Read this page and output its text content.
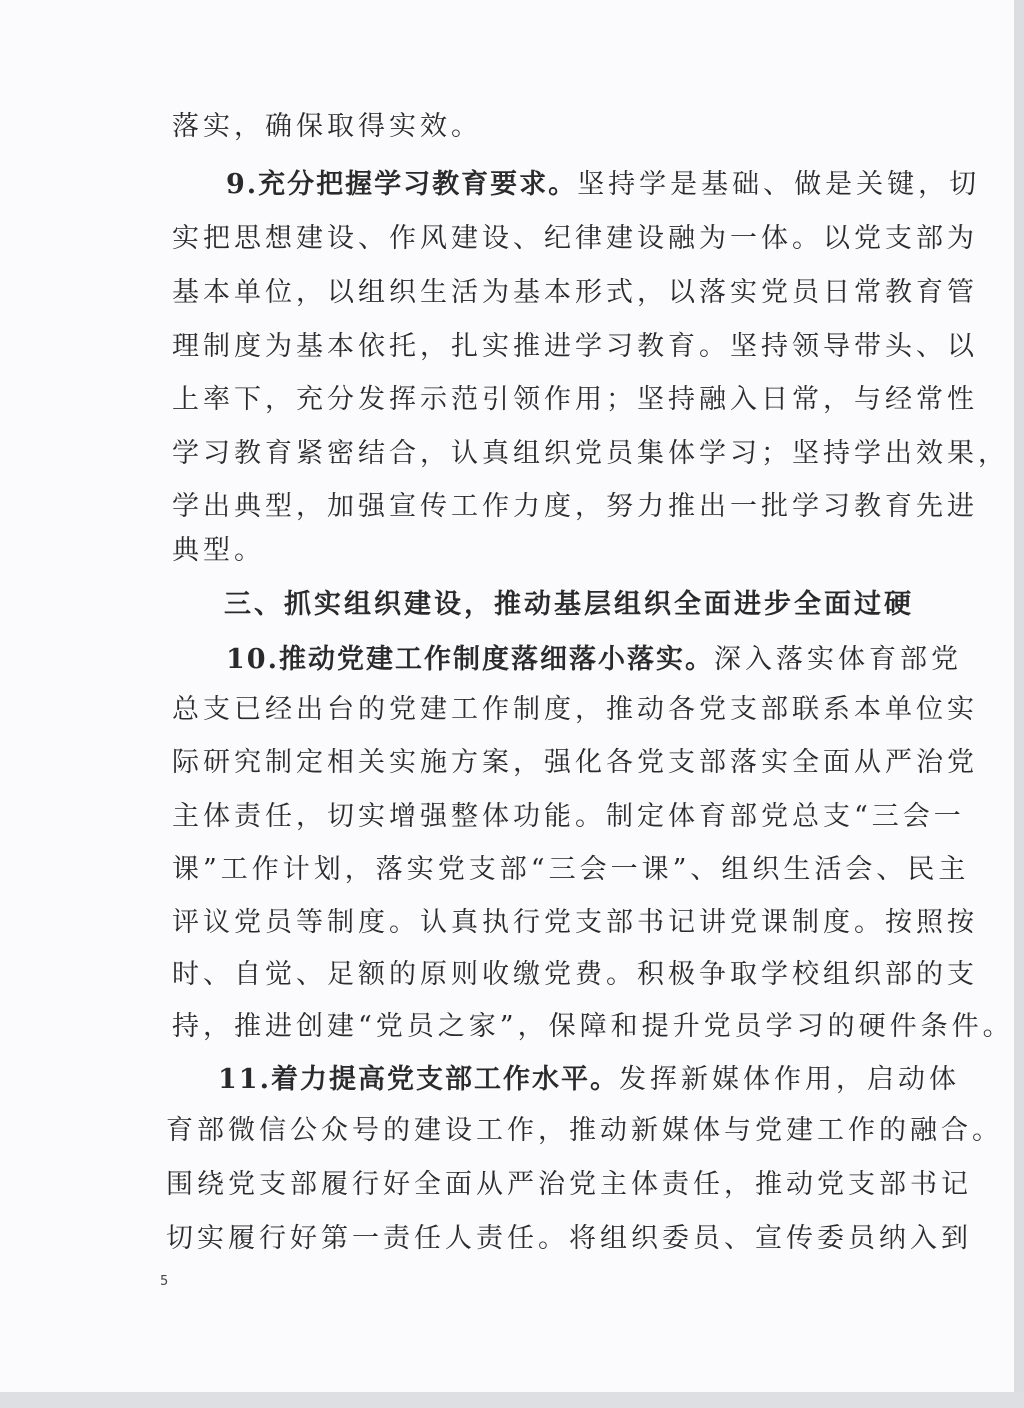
落实，确保取得实效。
9.充分把握学习教育要求。坚持学是基础、做是关键，切
实把思想建设、作风建设、纪律建设融为一体。以党支部为
基本单位，以组织生活为基本形式，以落实党员日常教育管
理制度为基本依托，扎实推进学习教育。坚持领导带头、以
上率下，充分发挥示范引领作用；坚持融入日常，与经常性
学习教育紧密结合，认真组织党员集体学习；坚持学出效果，
学出典型，加强宣传工作力度，努力推出一批学习教育先进
典型。
三、抓实组织建设，推动基层组织全面进步全面过硬
10.推动党建工作制度落细落小落实。深入落实体育部党
总支已经出台的党建工作制度，推动各党支部联系本单位实
际研究制定相关实施方案，强化各党支部落实全面从严治党
主体责任，切实增强整体功能。制定体育部党总支“三会一
课”工作计划，落实党支部“三会一课”、组织生活会、民主
评议党员等制度。认真执行党支部书记讲党课制度。按照按
时、自觉、足额的原则收缴党费。积极争取学校组织部的支
持，推进创建“党员之家”，保障和提升党员学习的硬件条件。
11.着力提高党支部工作水平。发挥新媒体作用，启动体
育部微信公众号的建设工作，推动新媒体与党建工作的融合。
围绕党支部履行好全面从严治党主体责任，推动党支部书记
切实履行好第一责任人责任。将组织委员、宣传委员纳入到
5
